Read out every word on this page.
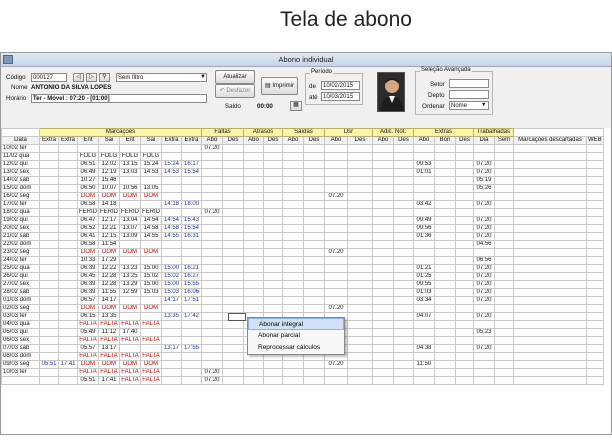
Tela de abono
Abono individual
Código	000127	◁	▷	⚲	Sem filtro	▼
Nome ANTONIO DA SILVA LOPES
Horário	Ter - Móvel : 07:20 - [01:00]
Atualizar
↶ Desfazer
▤ Imprimir
Saldo	00:00	▦
Período
de	10/02/2015
até 10/03/2015
Seleção Avançada
Setor
Depto
Ordenar	Nome	▼
	Marcações								Faltas		Atrasos		Saídas		Dsr		Adic. Not.		Extras			Trabalhadas			
Data	Extra	Extra	Ent	Sai	Ent	Sai	Extra	Extra	Abo	Des	Abo	Des	Abo	Des	Abo	Des	Abo	Des	Abo	Bon	Des	Dia	Sem	Marcações descartadas	WEB
10/02 ter									07:20																
11/02 qua			FOLG	FOLG	FOLG	FOLG																			
12/02 qui			06:51	12:02	13:15	15:24	15:24	16:17											00:53			07:20			
13/02 sex			06:49	12:19	13:03	14:53	14:53	15:54											01:01			07:20			
14/02 sáb			10:27	15:46																		05:19			
15/02 dom			06:50	10:07	10:56	13:05																05:26			
16/02 seg			DOM	DOM	DOM	DOM									07:20										
17/02 ter			06:58	14:18			14:18	18:00											03:42			07:20			
18/02 qua			FERID	FERID	FERID	FERID			07:20																
19/02 qui			06:47	12:17	13:04	14:54	14:54	15:43											00:49			07:20			
20/02 sex			06:52	12:21	13:07	14:58	14:58	15:54											00:56			07:20			
21/02 sáb			06:41	12:15	13:09	14:55	14:55	16:31											01:36			07:20			
22/02 dom			06:58	11:54																		04:56			
23/02 seg			DOM	DOM	DOM	DOM									07:20										
24/02 ter			10:33	17:29																		06:56			
25/02 qua			06:39	12:22	13:23	15:00	15:00	16:21											01:21			07:20			
26/02 qui			06:45	12:28	13:25	15:02	15:02	16:27											01:25			07:20			
27/02 sex			06:39	12:28	13:29	15:00	15:00	15:55											00:55			07:20			
28/02 sáb			06:39	11:55	12:59	15:03	15:03	16:06											01:03			07:20			
01/03 dom			06:57	14:17			14:17	17:51											03:34			07:20			
02/03 seg			DOM	DOM	DOM	DOM									07:20										
03/03 ter			06:15	13:35			13:35	17:42											04:07			07:20			
04/03 qua			FALTA	FALTA	FALTA	FALTA																			
05/03 qui			05:49	11:12	17:40																	05:23			
06/03 sex			FALTA	FALTA	FALTA	FALTA																			
07/03 sáb			05:57	13:17			13:17	17:55											04:38			07:20			
08/03 dom			FALTA	FALTA	FALTA	FALTA																			
09/03 seg	05:51	17:41	DOM	DOM	DOM	DOM									07:20				11:50						
10/03 ter			FALTA	FALTA	FALTA	FALTA			07:20																
			05:51	17:41	FALTA	FALTA			07:20																
Abonar integral
Abonar parcial
Reprocessar cálculos
